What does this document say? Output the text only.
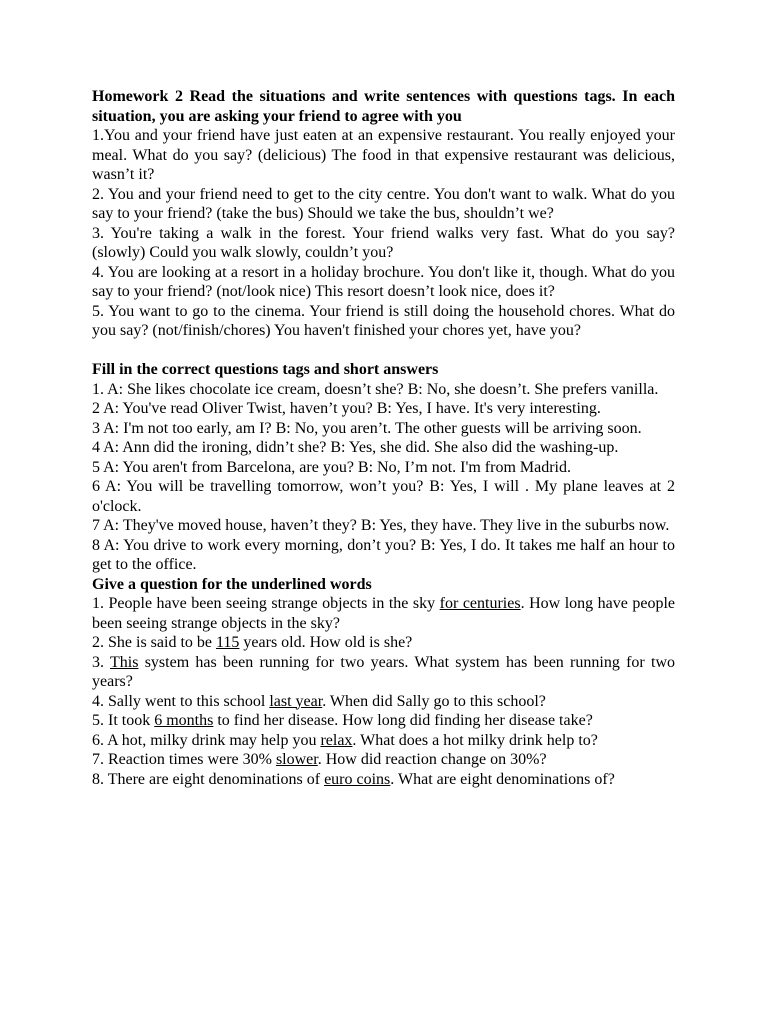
Homework 2 Read the situations and write sentences with questions tags. In each situation, you are asking your friend to agree with you

1.You and your friend have just eaten at an expensive restaurant. You really enjoyed your meal. What do you say? (delicious) The food in that expensive restaurant was delicious, wasn’t it?

2. You and your friend need to get to the city centre. You don't want to walk. What do you say to your friend? (take the bus) Should we take the bus, shouldn’t we?

3. You're taking a walk in the forest. Your friend walks very fast. What do you say? (slowly) Could you walk slowly, couldn’t you?

4. You are looking at a resort in a holiday brochure. You don't like it, though. What do you say to your friend? (not/look nice) This resort doesn’t look nice, does it?

5. You want to go to the cinema. Your friend is still doing the household chores. What do you say? (not/finish/chores) You haven't finished your chores yet, have you?

Fill in the correct questions tags and short answers

1. A: She likes chocolate ice cream, doesn’t she? B: No, she doesn’t. She prefers vanilla.

2 A: You've read Oliver Twist, haven’t you? B: Yes, I have. It's very interesting.

3 A: I'm not too early, am I? B: No, you aren’t. The other guests will be arriving soon.

4 A: Ann did the ironing, didn’t she? B: Yes, she did. She also did the washing-up.

5 A: You aren't from Barcelona, are you? B: No, I’m not. I'm from Madrid.

6 A: You will be travelling tomorrow, won’t you? B: Yes, I will . My plane leaves at 2 o'clock.

7 A: They've moved house, haven’t they? B: Yes, they have. They live in the suburbs now.

8 A: You drive to work every morning, don’t you? B: Yes, I do. It takes me half an hour to get to the office.

Give a question for the underlined words

1. People have been seeing strange objects in the sky for centuries. How long have people been seeing strange objects in the sky?

2. She is said to be 115 years old. How old is she?

3. This system has been running for two years. What system has been running for two years?

4. Sally went to this school last year. When did Sally go to this school?

5. It took 6 months to find her disease. How long did finding her disease take?

6. A hot, milky drink may help you relax. What does a hot milky drink help to?

7. Reaction times were 30% slower. How did reaction change on 30%?

8. There are eight denominations of euro coins. What are eight denominations of?
